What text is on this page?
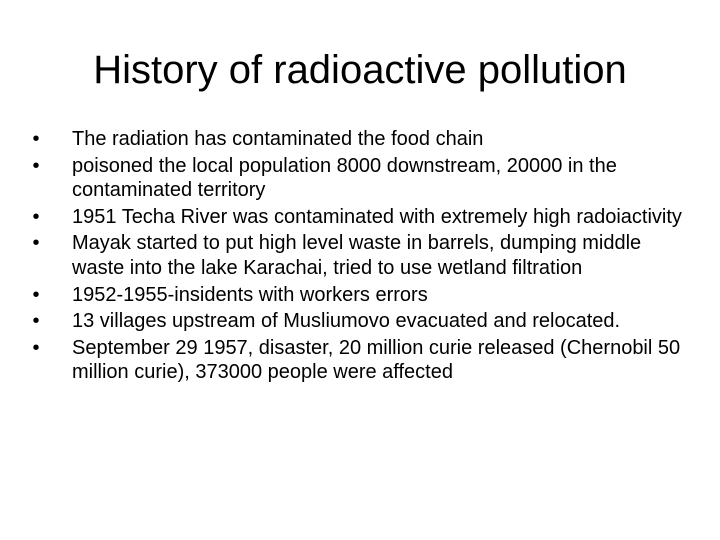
History of radioactive pollution
•	The radiation has contaminated the food chain
•	poisoned the local population 8000 downstream, 20000 in the contaminated territory
•	1951 Techa River was contaminated with extremely high radoiactivity
•	Mayak started to put high level waste in barrels, dumping middle waste into the lake Karachai, tried to use wetland filtration
•	1952-1955-insidents with workers errors
•	13 villages upstream of Musliumovo evacuated and relocated.
•	September 29 1957, disaster, 20 million curie released (Chernobil 50 million curie), 373000 people were affected
